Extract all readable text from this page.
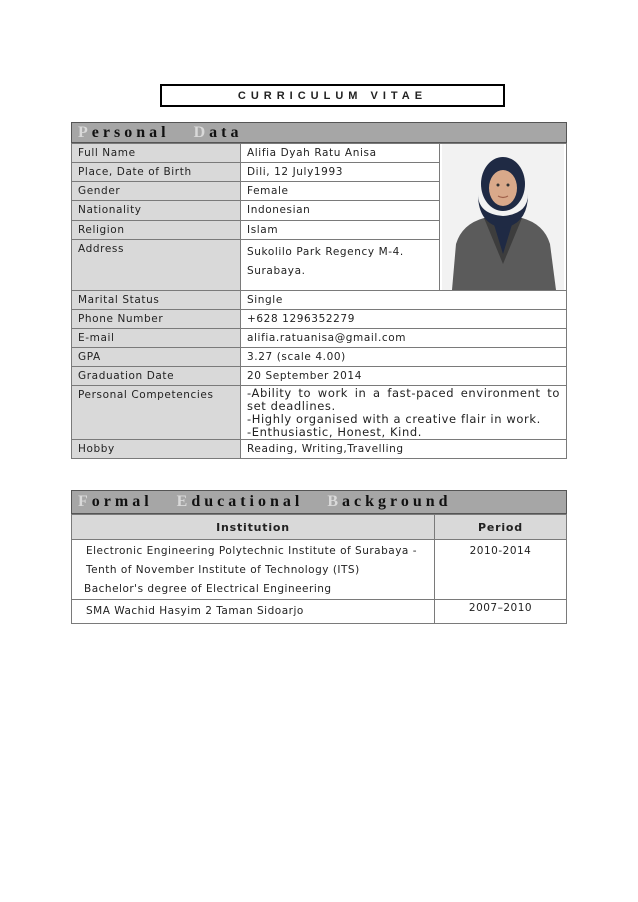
CURRICULUM VITAE
P ersonal
D ata
Full Name	Alifia Dyah Ratu Anisa	

Place, Date of Birth	Dili, 12 July1993	
Gender	Female	
Nationality	Indonesian	
Religion	Islam	
Address	Sukolilo Park Regency M-4.
Surabaya.	

Marital Status	Single	
Phone Number	+628 1296352279	
E-mail	alifia.ratuanisa@gmail.com	
GPA	3.27 (scale 4.00)	
Graduation Date	20 September 2014	
Personal Competencies	-Ability to work in a fast-paced environment to set deadlines.
-Highly organised with a creative flair in work.
-Enthusiastic, Honest, Kind.	

Hobby	Reading, Writing,Travelling	
F ormal
E ducational
B ackground
Institution	Period

Electronic Engineering Polytechnic Institute of Surabaya -
Tenth of November Institute of Technology (ITS)
Bachelor's degree of Electrical Engineering	2010-2014

SMA Wachid Hasyim 2 Taman Sidoarjo	2007–2010
